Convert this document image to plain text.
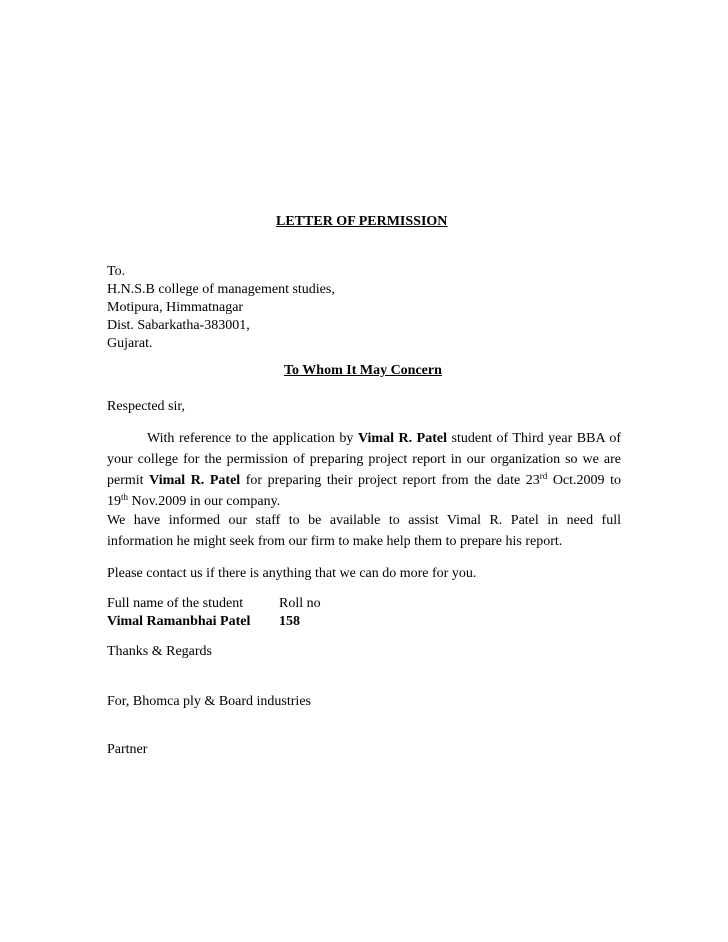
LETTER OF PERMISSION
To.
H.N.S.B college of management studies,
Motipura, Himmatnagar
Dist. Sabarkatha-383001,
Gujarat.
To Whom It May Concern
Respected sir,
With reference to the application by Vimal R. Patel student of Third year BBA of
your college for the permission of preparing project report in our organization so we are
permit Vimal R. Patel for preparing their project report from the date 23rd Oct.2009 to
19th Nov.2009 in our company.
We have informed our staff to be available to assist Vimal R. Patel in need full
information he might seek from our firm to make help them to prepare his report.
Please contact us if there is anything that we can do more for you.
Full name of the student	Roll no
Vimal Ramanbhai Patel 158
Thanks & Regards
For, Bhomca ply & Board industries
Partner
